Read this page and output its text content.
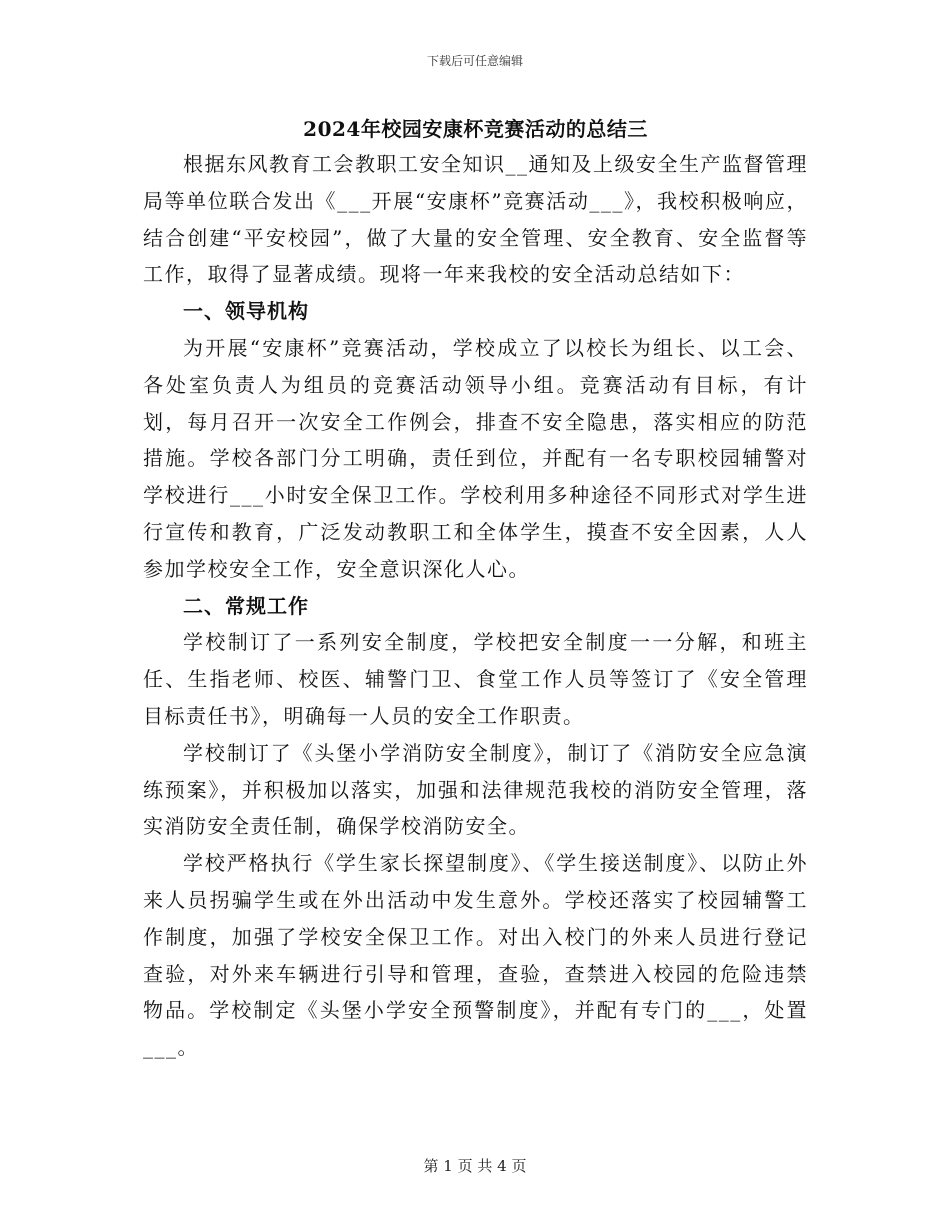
下载后可任意编辑
2024年校园安康杯竞赛活动的总结三

根据东风教育工会教职工安全知识__通知及上级安全生产监督管理局等单位联合发出《___开展“安康杯”竞赛活动___》，我校积极响应，结合创建“平安校园”，做了大量的安全管理、安全教育、安全监督等工作，取得了显著成绩。现将一年来我校的安全活动总结如下：

一、领导机构

为开展“安康杯”竞赛活动，学校成立了以校长为组长、以工会、各处室负责人为组员的竞赛活动领导小组。竞赛活动有目标，有计划，每月召开一次安全工作例会，排查不安全隐患，落实相应的防范措施。学校各部门分工明确，责任到位，并配有一名专职校园辅警对学校进行___小时安全保卫工作。学校利用多种途径不同形式对学生进行宣传和教育，广泛发动教职工和全体学生，摸查不安全因素，人人参加学校安全工作，安全意识深化人心。

二、常规工作

学校制订了一系列安全制度，学校把安全制度一一分解，和班主任、生指老师、校医、辅警门卫、食堂工作人员等签订了《安全管理目标责任书》，明确每一人员的安全工作职责。

学校制订了《头堡小学消防安全制度》，制订了《消防安全应急演练预案》，并积极加以落实，加强和法律规范我校的消防安全管理，落实消防安全责任制，确保学校消防安全。

学校严格执行《学生家长探望制度》、《学生接送制度》、以防止外来人员拐骗学生或在外出活动中发生意外。学校还落实了校园辅警工作制度，加强了学校安全保卫工作。对出入校门的外来人员进行登记查验，对外来车辆进行引导和管理，查验，查禁进入校园的危险违禁物品。学校制定《头堡小学安全预警制度》，并配有专门的___，处置___。

第 1 页 共 4 页
